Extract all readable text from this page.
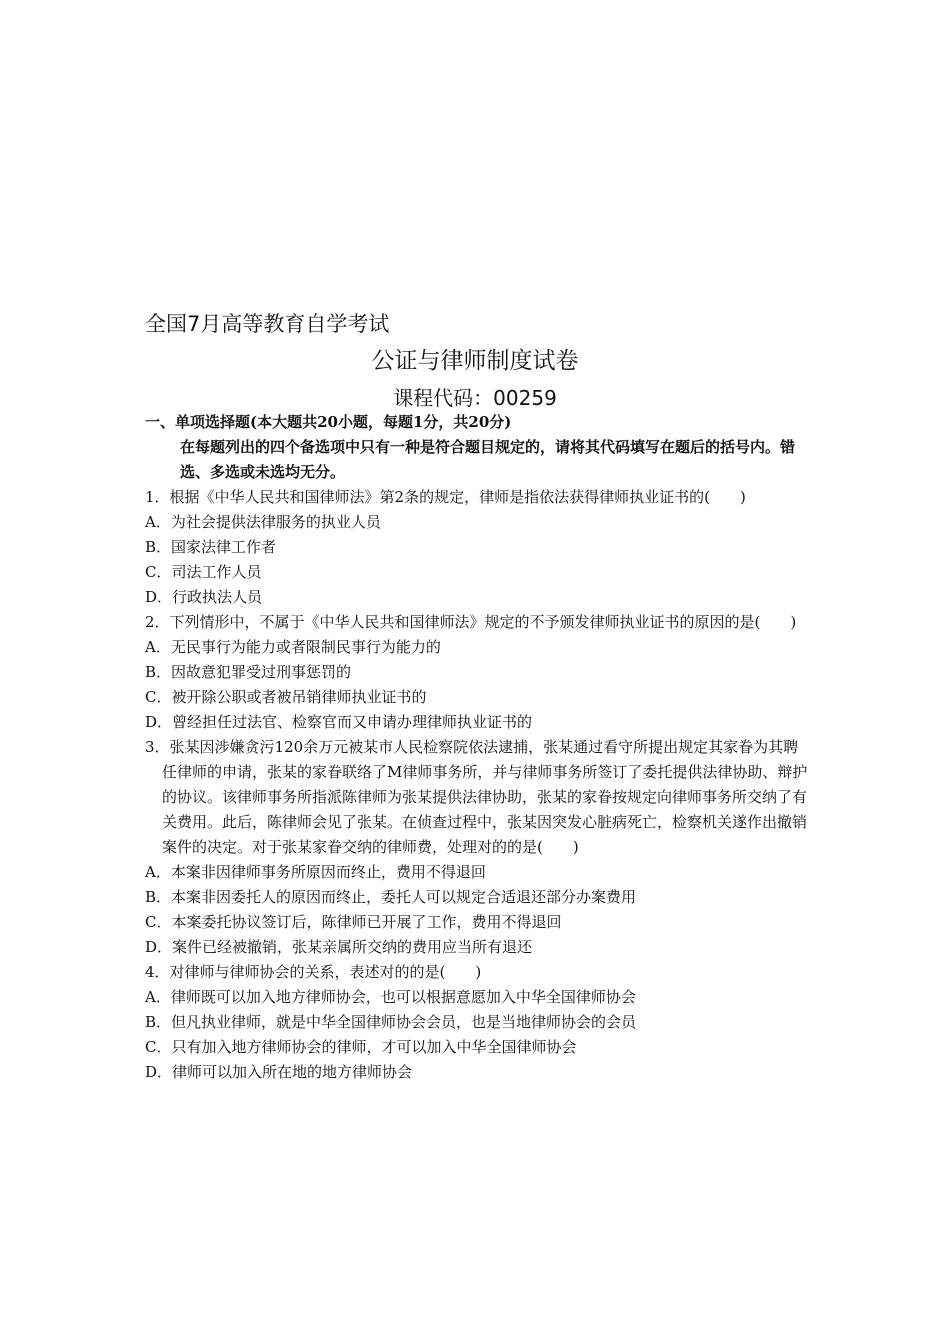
全国7月高等教育自学考试
公证与律师制度试卷
课程代码：00259
一、单项选择题(本大题共20小题，每题1分，共20分)
在每题列出的四个备选项中只有一种是符合题目规定的，请将其代码填写在题后的括号内。错选、多选或未选均无分。
1．根据《中华人民共和国律师法》第2条的规定，律师是指依法获得律师执业证书的(　　)
A．为社会提供法律服务的执业人员
B．国家法律工作者
C．司法工作人员
D．行政执法人员
2．下列情形中，不属于《中华人民共和国律师法》规定的不予颁发律师执业证书的原因的是(　　)
A．无民事行为能力或者限制民事行为能力的
B．因故意犯罪受过刑事惩罚的
C．被开除公职或者被吊销律师执业证书的
D．曾经担任过法官、检察官而又申请办理律师执业证书的
3．张某因涉嫌贪污120余万元被某市人民检察院依法逮捕，张某通过看守所提出规定其家眷为其聘任律师的申请，张某的家眷联络了M律师事务所，并与律师事务所签订了委托提供法律协助、辩护的协议。该律师事务所指派陈律师为张某提供法律协助，张某的家眷按规定向律师事务所交纳了有关费用。此后，陈律师会见了张某。在侦查过程中，张某因突发心脏病死亡，检察机关遂作出撤销案件的决定。对于张某家眷交纳的律师费，处理对的的是(　　)
A．本案非因律师事务所原因而终止，费用不得退回
B．本案非因委托人的原因而终止，委托人可以规定合适退还部分办案费用
C．本案委托协议签订后，陈律师已开展了工作，费用不得退回
D．案件已经被撤销，张某亲属所交纳的费用应当所有退还
4．对律师与律师协会的关系，表述对的的是(　　)
A．律师既可以加入地方律师协会，也可以根据意愿加入中华全国律师协会
B．但凡执业律师，就是中华全国律师协会会员，也是当地律师协会的会员
C．只有加入地方律师协会的律师，才可以加入中华全国律师协会
D．律师可以加入所在地的地方律师协会
